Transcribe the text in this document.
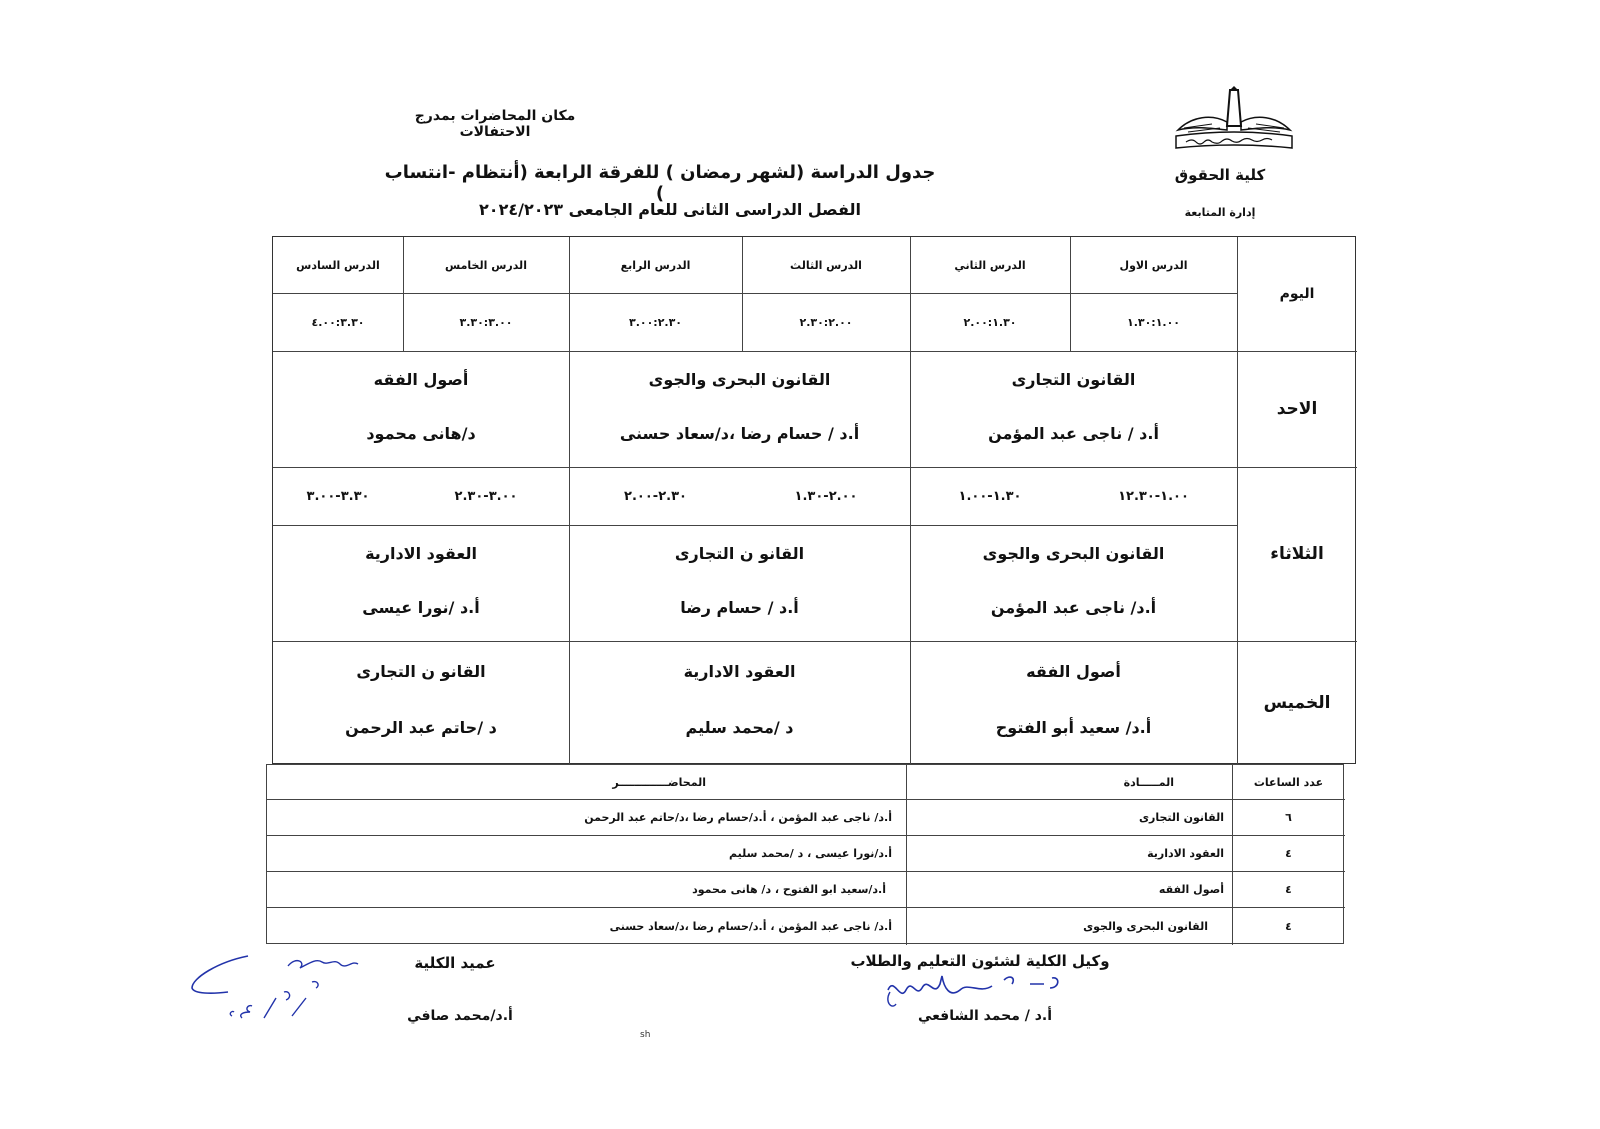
كلية الحقوق
إدارة المتابعة
مكان المحاضرات بمدرج الاحتفالات
جدول الدراسة (لشهر رمضان ) للفرقة الرابعة (أنتظام -انتساب )
الفصل الدراسى الثانى للعام الجامعى ٢٠٢٤/٢٠٢٣
اليوم
الدرس الاول
الدرس الثاني
الدرس الثالث
الدرس الرابع
الدرس الخامس
الدرس السادس
١.٣٠:١.٠٠
٢.٠٠:١.٣٠
٢.٣٠:٢.٠٠
٣.٠٠:٢.٣٠
٣.٣٠:٣.٠٠
٤.٠٠:٣.٣٠
الاحد
القانون التجارى
أ.د / ناجى عبد المؤمن
القانون البحرى والجوى
أ.د / حسام رضا ،د/سعاد حسنى
أصول الفقه
د/هانى محمود
الثلاثاء
١.٠٠-١٢.٣٠
١.٣٠-١.٠٠
٢.٠٠-١.٣٠
٢.٣٠-٢.٠٠
٣.٠٠-٢.٣٠
٣.٣٠-٣.٠٠
القانون البحرى والجوى
أ.د/ ناجى عبد المؤمن
القانو ن التجارى
أ.د / حسام رضا
العقود الادارية
أ.د /نورا عيسى
الخميس
أصول الفقه
أ.د/ سعيد أبو الفتوح
العقود الادارية
د /محمد سليم
القانو ن التجارى
د /حاتم عبد الرحمن
عدد الساعات
المـــــادة
المحاضـــــــــــــر
٦
القانون التجارى
أ.د/ ناجى عبد المؤمن ، أ.د/حسام رضا ،د/حاتم عبد الرحمن
٤
العقود الادارية
أ.د/نورا عيسى ، د /محمد سليم
٤
أصول الفقه
أ.د/سعيد ابو الفتوح ، د/ هانى محمود
٤
القانون البحرى والجوى
أ.د/ ناجى عبد المؤمن ، أ.د/حسام رضا ،د/سعاد حسنى
وكيل الكلية لشئون التعليم والطلاب
أ.د / محمد الشافعي
عميد الكلية
أ.د/محمد صافي
sh
